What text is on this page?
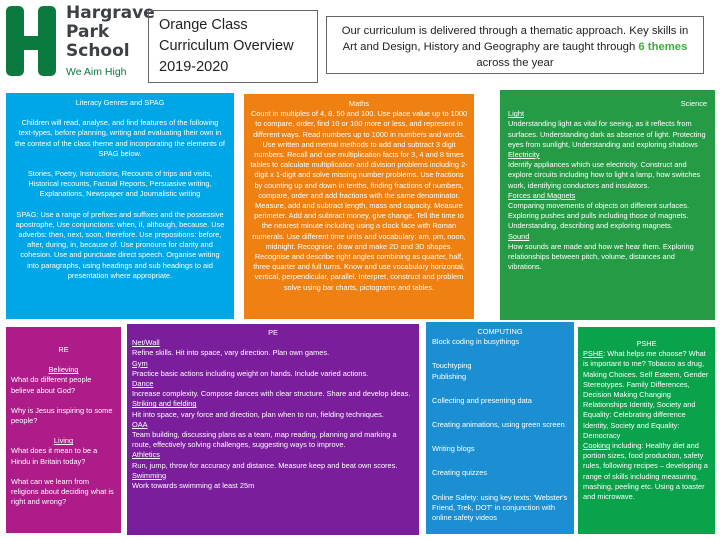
Hargrave
Park
School
We Aim High
Orange Class
Curriculum Overview
2019-2020
Our curriculum is delivered through a thematic approach. Key skills in Art and Design, History and Geography are taught through 6 themes across the year

Literacy Genres and SPAG

Children will read, analyse, and find features of the following text-types, before planning, writing and evaluating their own in the context of the class theme and incorporating the elements of SPAG below.

Stories, Poetry, Instructions, Recounts of trips and visits, Historical recounts, Factual Reports, Persuasive writing, Explanations, Newspaper and Journalistic writing

SPAG: Use a range of prefixes and suffixes and the possessive apostrophe, Use conjunctions: when, if, although, because. Use adverbs: then, next, soon, therefore. Use prepositions: before, after, during, in, because of. Use pronouns for clarity and cohesion. Use and punctuate direct speech. Organise writing into paragraphs, using headings and sub headings to aid presentation where appropriate.

Maths

Count in multiples of 4, 8, 50 and 100. Use place value up to 1000 to compare, order, find 10 or 100 more or less, and represent in different ways. Read numbers up to 1000 in numbers and words. Use written and mental methods to add and subtract 3 digit numbers. Recall and use multiplication facts for 3, 4 and 8 times tables to calculate multiplication and division problems including 2-digit x 1-digit and solve missing number problems. Use fractions by counting up and down in tenths, finding fractions of numbers, compare, order and add fractions with the same denominator. Measure, add and subtract length, mass and capacity. Measure perimeter. Add and subtract money, give change. Tell the time to the nearest minute including using a clock face with Roman numerals. Use different time units and vocabulary: am, pm, noon, midnight. Recognise, draw and make 2D and 3D shapes. Recognise and describe right angles combining as quarter, half, three quarter and full turns. Know and use vocabulary horizontal, vertical, perpendicular, parallel. Interpret, construct and problem solve using bar charts, pictograms and tables.

Science

Light

Understanding light as vital for seeing, as it reflects from surfaces. Understanding dark as absence of light. Protecting eyes from sunlight, Understanding and exploring shadows

Electricity

Identify appliances which use electricity. Construct and explore circuits including how to light a lamp, how switches work, identifying conductors and insulators.

Forces and Magnets

Comparing movements of objects on different surfaces. Exploring pushes and pulls including those of magnets. Understanding, describing and exploring magnets.

Sound

How sounds are made and how we hear them. Exploring relationships between pitch, volume, distances and vibrations.

RE

Believing

What do different people believe about God?

Why is Jesus inspiring to some people?

Living

What does it mean to be a Hindu in Britain today?

What can we learn from religions about deciding what is right and wrong?

PE

Net/Wall

Refine skills. Hit into space, vary direction. Plan own games.

Gym

Practice basic actions including weight on hands. Include varied actions.

Dance

Increase complexity. Compose dances with clear structure. Share and develop ideas.

Striking and fielding

Hit into space, vary force and direction, plan when to run, fielding techniques.

OAA

Team building, discussing plans as a team, map reading, planning and marking a route, effectively solving challenges, suggesting ways to improve.

Athletics

Run, jump, throw for accuracy and distance. Measure keep and beat own scores.

Swimming

Work towards swimming at least 25m

COMPUTING

Block coding in busythings

Touchtyping Publishing

Collecting and presenting data

Creating animations, using green screen

Writing blogs

Creating quizzes

Online Safety: using key texts: 'Webster's Friend, Trek, DOT' in conjunction with online safety videos

PSHE

PSHE: What helps me choose? What is important to me? Tobacco as drug, Making Choices. Self Esteem, Gender Stereotypes. Family Differences, Decision Making Changing Relationships Identity, Society and Equality: Celebrating difference Identity, Society and Equality: Democracy

Cooking including: Healthy diet and portion sizes, food production, safety rules, following recipes – developing a range of skills including measuring, mashing, peeling etc. Using a toaster and microwave.
